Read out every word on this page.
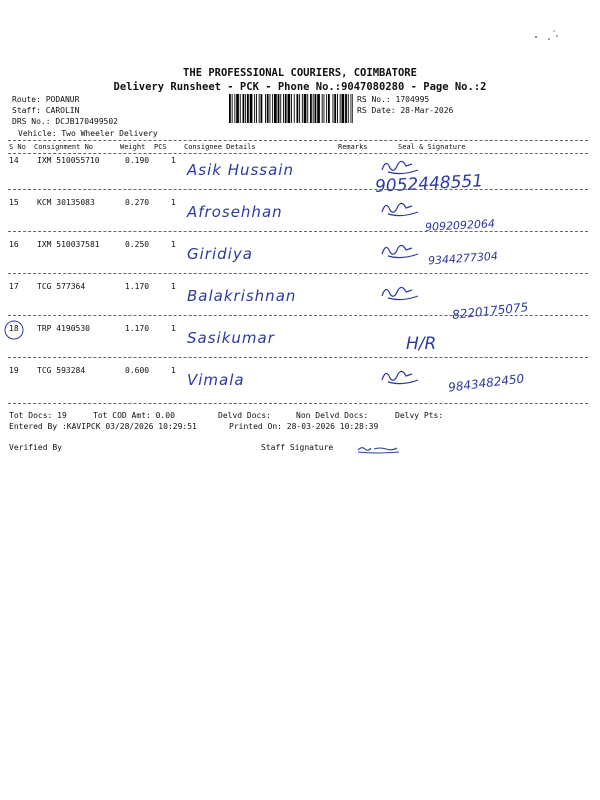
THE PROFESSIONAL COURIERS, COIMBATORE
Delivery Runsheet - PCK - Phone No.:9047080280 - Page No.:2
Route: PODANUR
Staff: CAROLIN
DRS No.: DCJB170499502
Vehicle: Two Wheeler Delivery
RS No.: 1704995
RS Date: 28-Mar-2026
S No Consignment No	Weight PCS Consignee Details	Remarks	Seal & Signature
14 IXM 510055710	0.190	1
Asik Hussain
9052448551
15 KCM 30135083	0.270	1
Afrosehhan
9092092064
16 IXM 510037581	0.250	1
Giridiya	9344277304
17 TCG 577364	1.170	1
Balakrishnan
8220175075
18 TRP 4190530	1.170	1
Sasikumar	H/R
19 TCG 593284	0.600	1
Vimala	9843482450
Tot Docs: 19	Tot COD Amt: 0.00	Delvd Docs:	Non Delvd Docs:	Delvy Pts:
Entered By :KAVIPCK 03/28/2026 10:29:51	Printed On: 28-03-2026 10:28:39
Verified By	Staff Signature
